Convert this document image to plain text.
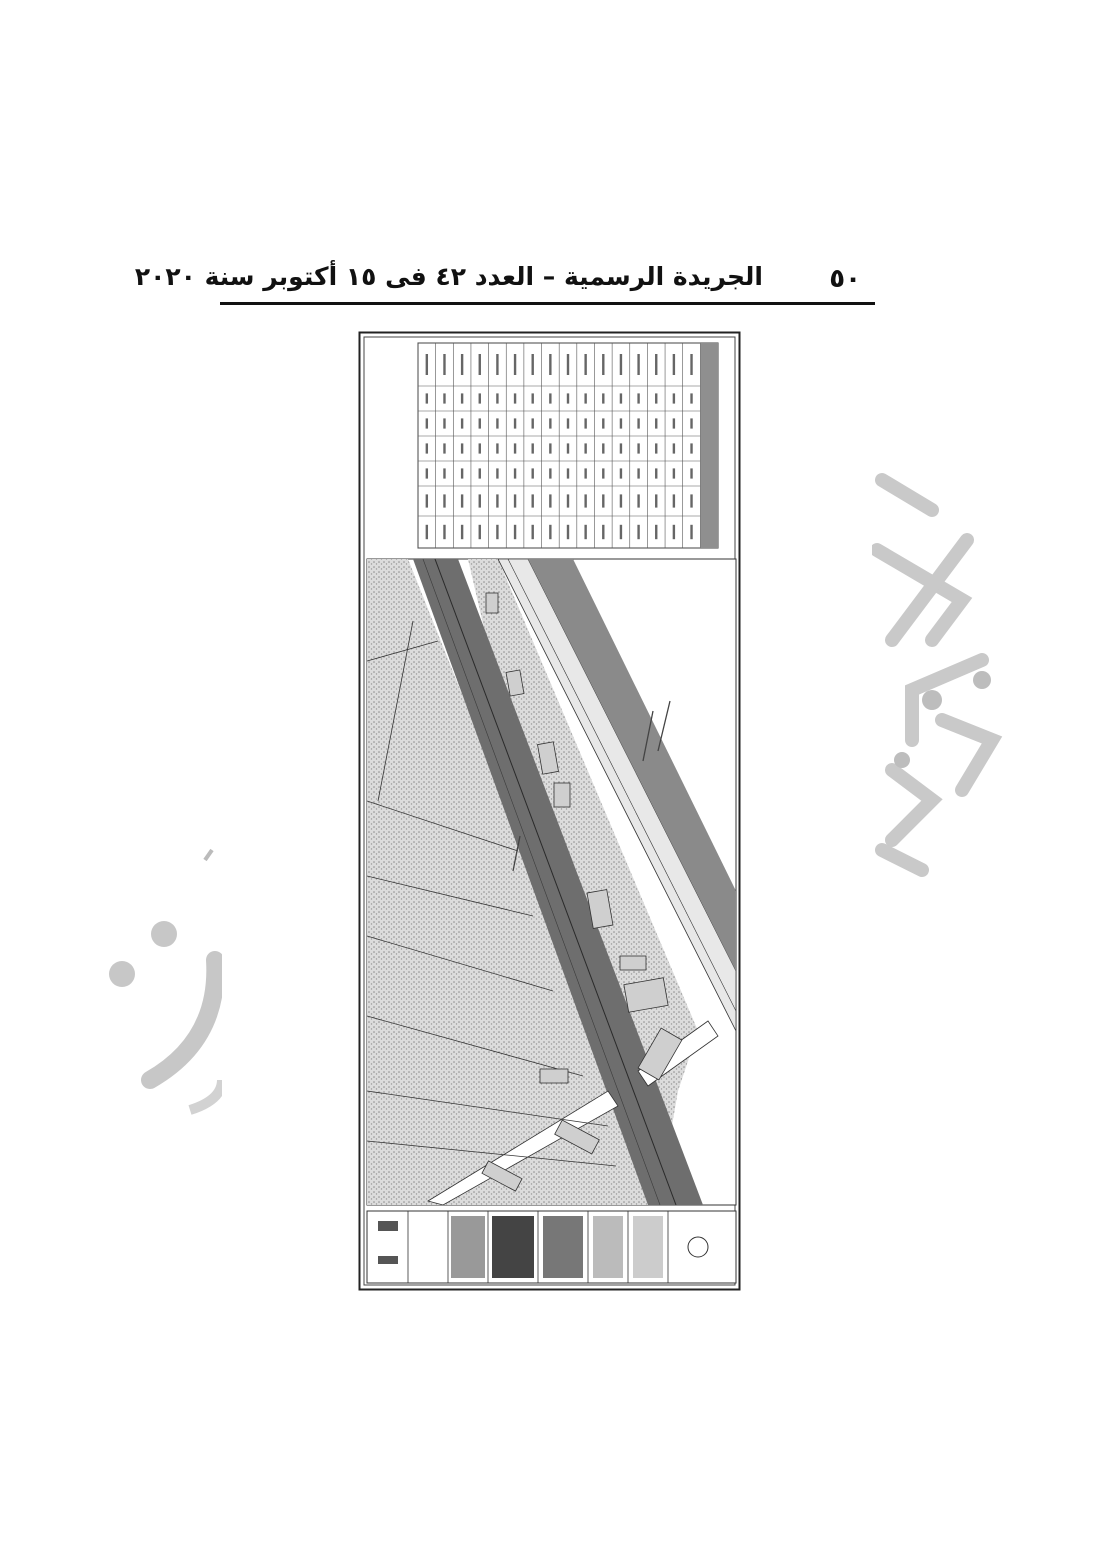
٥٠
الجريدة الرسمية – العدد ٤٢ فى ١٥ أكتوبر سنة ٢٠٢٠
